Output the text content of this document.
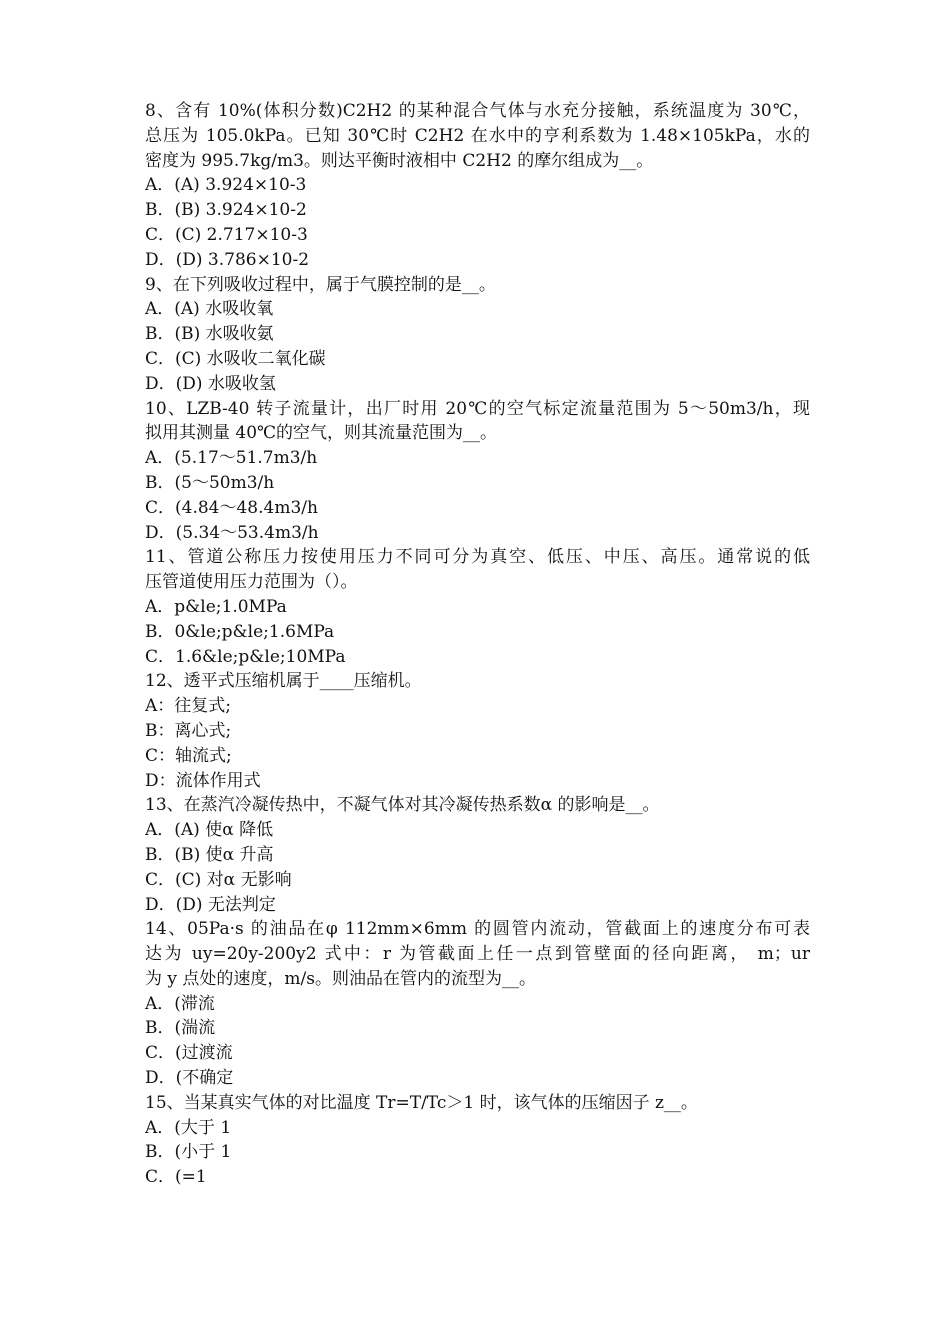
8、含有 10%(体积分数)C2H2 的某种混合气体与水充分接触，系统温度为 30℃，
总压为 105.0kPa。已知 30℃时 C2H2 在水中的亨利系数为 1.48×105kPa，水的
密度为 995.7kg/m3。则达平衡时液相中 C2H2 的摩尔组成为__。
A．(A) 3.924×10-3
B．(B) 3.924×10-2
C．(C) 2.717×10-3
D．(D) 3.786×10-2
9、在下列吸收过程中，属于气膜控制的是__。
A．(A) 水吸收氧
B．(B) 水吸收氨
C．(C) 水吸收二氧化碳
D．(D) 水吸收氢
10、LZB-40 转子流量计，出厂时用 20℃的空气标定流量范围为 5～50m3/h，现
拟用其测量 40℃的空气，则其流量范围为__。
A．(5.17～51.7m3/h
B．(5～50m3/h
C．(4.84～48.4m3/h
D．(5.34～53.4m3/h
11、管道公称压力按使用压力不同可分为真空、低压、中压、高压。通常说的低
压管道使用压力范围为（）。
A．p&le;1.0MPa
B．0&le;p&le;1.6MPa
C．1.6&le;p&le;10MPa
12、透平式压缩机属于____压缩机。
A：往复式;
B：离心式;
C：轴流式;
D：流体作用式
13、在蒸汽冷凝传热中，不凝气体对其冷凝传热系数α 的影响是__。
A．(A) 使α 降低
B．(B) 使α 升高
C．(C) 对α 无影响
D．(D) 无法判定
14、05Pa·s 的油品在φ 112mm×6mm 的圆管内流动，管截面上的速度分布可表
达为 uy=20y-200y2 式中：r 为管截面上任一点到管壁面的径向距离， m；ur
为 y 点处的速度，m/s。则油品在管内的流型为__。
A．(滞流
B．(湍流
C．(过渡流
D．(不确定
15、当某真实气体的对比温度 Tr=T/Tc＞1 时，该气体的压缩因子 z__。
A．(大于 1
B．(小于 1
C．(=1
